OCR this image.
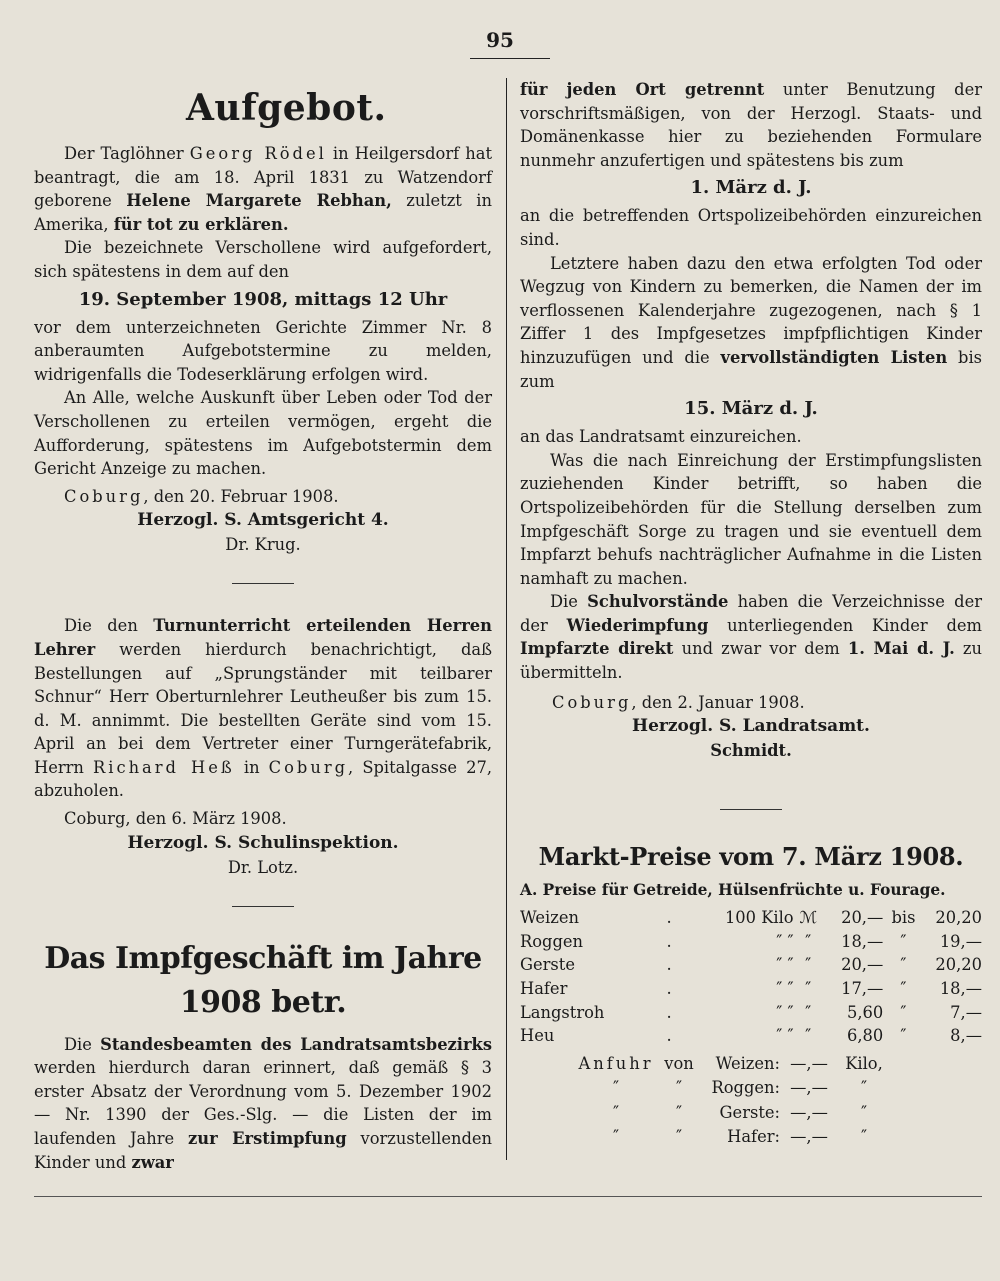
95
Aufgebot.

Der Taglöhner Georg Rödel in Heilgersdorf hat beantragt, die am 18. April 1831 zu Watzendorf geborene Helene Margarete Rebhan, zuletzt in Amerika, für tot zu erklären.

Die bezeichnete Verschollene wird aufgefordert, sich spätestens in dem auf den

19. September 1908, mittags 12 Uhr

vor dem unterzeichneten Gerichte Zimmer Nr. 8 anberaumten Aufgebotstermine zu melden, widrigenfalls die Todeserklärung erfolgen wird.

An Alle, welche Auskunft über Leben oder Tod der Verschollenen zu erteilen vermögen, ergeht die Aufforderung, spätestens im Aufgebotstermin dem Gericht Anzeige zu machen.

Coburg, den 20. Februar 1908.
Herzogl. S. Amtsgericht 4.
Dr. Krug.

Die den Turnunterricht erteilenden Herren Lehrer werden hierdurch benachrichtigt, daß Bestellungen auf „Sprungständer mit teilbarer Schnur“ Herr Oberturnlehrer Leutheußer bis zum 15. d. M. annimmt. Die bestellten Geräte sind vom 15. April an bei dem Vertreter einer Turngerätefabrik, Herrn Richard Heß in Coburg, Spitalgasse 27, abzuholen.

Coburg, den 6. März 1908.
Herzogl. S. Schulinspektion.
Dr. Lotz.
Das Impfgeschäft im Jahre 1908 betr.

Die Standesbeamten des Landratsamtsbezirks werden hierdurch daran erinnert, daß gemäß § 3 erster Absatz der Verordnung vom 5. Dezember 1902 — Nr. 1390 der Ges.-Slg. — die Listen der im laufenden Jahre zur Erstimpfung vorzustellenden Kinder und zwar

für jeden Ort getrennt unter Benutzung der vorschriftsmäßigen, von der Herzogl. Staats- und Domänenkasse hier zu beziehenden Formulare nunmehr anzufertigen und spätestens bis zum

1. März d. J.

an die betreffenden Ortspolizeibehörden einzureichen sind.

Letztere haben dazu den etwa erfolgten Tod oder Wegzug von Kindern zu bemerken, die Namen der im verflossenen Kalenderjahre zugezogenen, nach § 1 Ziffer 1 des Impfgesetzes impfpflichtigen Kinder hinzuzufügen und die vervollständigten Listen bis zum

15. März d. J.

an das Landratsamt einzureichen.

Was die nach Einreichung der Erstimpfungslisten zuziehenden Kinder betrifft, so haben die Ortspolizeibehörden für die Stellung derselben zum Impfgeschäft Sorge zu tragen und sie eventuell dem Impfarzt behufs nachträglicher Aufnahme in die Listen namhaft zu machen.

Die Schulvorstände haben die Verzeichnisse der der Wiederimpfung unterliegenden Kinder dem Impfarzte direkt und zwar vor dem 1. Mai d. J. zu übermitteln.

Coburg, den 2. Januar 1908.
Herzogl. S. Landratsamt.
Schmidt.
Markt-Preise vom 7. März 1908.
A. Preise für Getreide, Hülsenfrüchte u. Fourage.
Weizen	.	100 Kilo	ℳ	20,—	bis	20,20
Roggen	.	″ ″	″	18,—	″	19,—
Gerste	.	″ ″	″	20,—	″	20,20
Hafer	.	″ ″	″	17,—	″	18,—
Langstroh	.	″ ″	″	5,60	″	7,—
Heu	.	″ ″	″	6,80	″	8,—
	Anfuhr	von	Weizen:	—,—	Kilo,
	″	″	Roggen:	—,—	″
	″	″	Gerste:	—,—	″
	″	″	Hafer:	—,—	″
